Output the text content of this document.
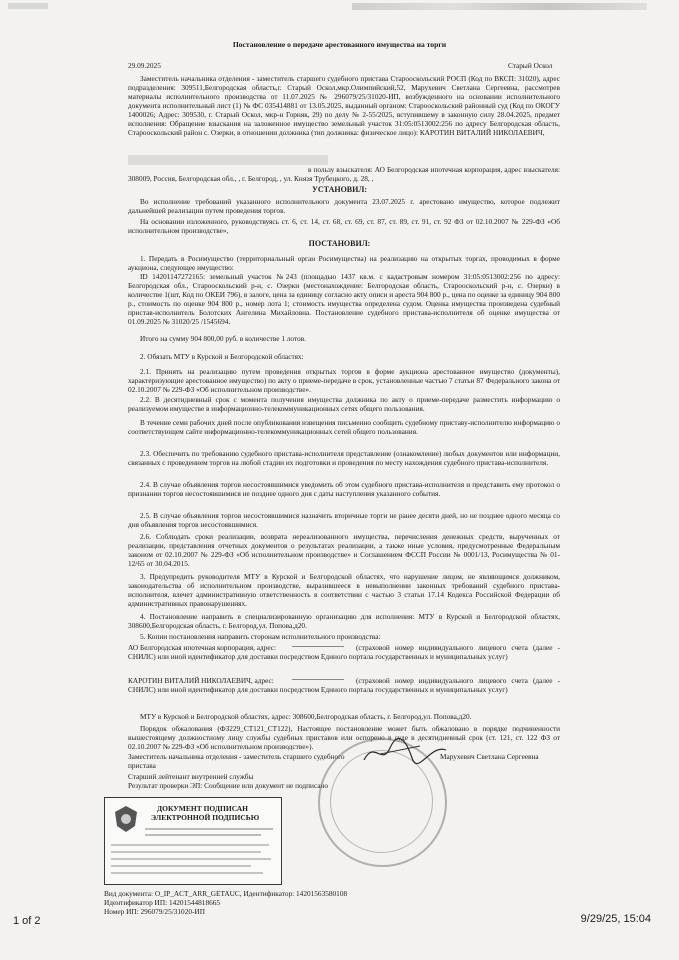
Постановление о передаче арестованного имущества на торги
29.09.2025	Старый Оскол
Заместитель начальника отделения - заместитель старшего судебного пристава Старооскольский РОСП (Код по ВКСП: 31020), адрес подразделения: 309511,Белгородская область,г. Старый Оскол,мкр.Олимпийский,52, Марухевич Светлана Сергеевна, рассмотрев материалы исполнительного производства от 11.07.2025 № 296079/25/31020-ИП, возбужденного на основании исполнительного документа исполнительный лист (1) № ФС 035414881 от 13.05.2025, выданный органом: Старооскольский районный суд (Код по ОКОГУ 1400026; Адрес: 309530, г. Старый Оскол, мкр-н Горняк, 29) по делу № 2-55/2025, вступившему в законную силу 28.04.2025, предмет исполнения: Обращение взыскания на заложенное имущество земельный участок 31:05:0513002:256 по адресу Белгородская область, Старооскольский район с. Озерки, в отношении должника (тип должника: физическое лицо): КАРОТИН ВИТАЛИЙ НИКОЛАЕВИЧ,
в пользу взыскателя: АО Белгородская ипотечная корпорация, адрес взыскателя: 308009, Россия, Белгородская обл., , г. Белгород, , ул. Князя Трубецкого, д. 28, ,
УСТАНОВИЛ:
Во исполнение требований указанного исполнительного документа 23.07.2025 г. арестовано имущество, которое подлежит дальнейшей реализации путем проведения торгов.
На основании изложенного, руководствуясь ст. 6, ст. 14, ст. 68, ст. 69, ст. 87, ст. 89, ст. 91, ст. 92 ФЗ от 02.10.2007 № 229-ФЗ «Об исполнительном производстве»,
ПОСТАНОВИЛ:
1. Передать в Росимущество (территориальный орган Росимущества) на реализацию на открытых торгах, проводимых в форме аукциона, следующее имущество:
ID 14201147272165: земельный участок №243 (площадью 1437 кв.м. с кадастровым номером 31:05:0513002:256 по адресу: Белгородская обл., Старооскольский р-н, с. Озерки (местонахождение: Белгородская область, Старооскольский р-н, с. Озерки) в количестве 1(шт, Код по ОКЕИ 796), в залоге, цена за единицу согласно акту описи и ареста 904 800 р., цена по оценке за единицу 904 800 р., стоимость по оценке 904 800 р., номер лота 1; стоимость имущества определена судом. Оценка имущества произведена судебный пристав-исполнитель Болотских Ангелина Михайловна. Постановление судебного пристава-исполнителя об оценке имущества от 01.09.2025 № 31020/25 /1545694.
Итого на сумму 904 800,00 руб. в количестве 1 лотов.
2. Обязать МТУ в Курской и Белгородской областях:
2.1. Принять на реализацию путем проведения открытых торгов в форме аукциона арестованное имущество (документы), характеризующие арестованное имущество) по акту о приеме-передаче в срок, установленные частью 7 статьи 87 Федерального закона от 02.10.2007 № 229-ФЗ «Об исполнительном производстве».
2.2. В десятидневный срок с момента получения имущества должника по акту о приеме-передаче разместить информацию о реализуемом имуществе в информационно-телекоммуникационных сетях общего пользования.
В течение семи рабочих дней после опубликования извещения письменно сообщить судебному приставу-исполнителю информацию о соответствующем сайте информационно-телекоммуникационных сетей общего пользования.
2.3. Обеспечить по требованию судебного пристава-исполнителя представление (ознакомление) любых документов или информации, связанных с проведением торгов на любой стадии их подготовки и проведения по месту нахождения судебного пристава-исполнителя.
2.4. В случае объявления торгов несостоявшимися уведомить об этом судебного пристава-исполнителя и представить ему протокол о признании торгов несостоявшимися не позднее одного дня с даты наступления указанного события.
2.5. В случае объявления торгов несостоявшимися назначить вторичные торги не ранее десяти дней, но не позднее одного месяца со дня объявления торгов несостоявшимися.
2.6. Соблюдать сроки реализации, возврата нереализованного имущества, перечисления денежных средств, вырученных от реализации, представления отчетных документов о результатах реализации, а также иные условия, предусмотренные Федеральным законом от 02.10.2007 № 229-ФЗ «Об исполнительном производстве» и Соглашением ФССП России № 0001/13, Росимущества № 01-12/65 от 30.04.2015.
3. Предупредить руководителя МТУ в Курской и Белгородской областях, что нарушение лицом, не являющимся должником, законодательства об исполнительном производстве, выразившееся в невыполнении законных требований судебного пристава-исполнителя, влечет административную ответственность в соответствии с частью 3 статьи 17.14 Кодекса Российской Федерации об административных правонарушениях.
4. Постановление направить в специализированную организацию для исполнения: МТУ в Курской и Белгородской областях, 308600,Белгородская область, г. Белгород,ул. Попова,д20.
5. Копии постановления направить сторонам исполнительного производства:
АО Белгородская ипотечная корпорация, адрес:	(страховой номер индивидуального лицевого счета (далее - СНИЛС) или иной идентификатор для доставки посредством Единого портала государственных и муниципальных услуг)
КАРОТИН ВИТАЛИЙ НИКОЛАЕВИЧ, адрес:	(страховой номер индивидуального лицевого счета (далее - СНИЛС) или иной идентификатор для доставки посредством Единого портала государственных и муниципальных услуг)
МТУ в Курской и Белгородской областях, адрес: 308600,Белгородская область, г. Белгород,ул. Попова,д20.
Порядок обжалования (ФЗ229_СТ121_СТ122), Настоящее постановление может быть обжаловано в порядке подчиненности вышестоящему должностному лицу службы судебных приставов или оспорено в суде в десятидневный срок (ст. 121, ст. 122 ФЗ от 02.10.2007 № 229-ФЗ «Об исполнительном производстве»).
Заместитель начальника отделения - заместитель старшего судебного пристава
Марухевич Светлана Сергеевна
Старший лейтенант внутренней службы
Результат проверки ЭП: Сообщение или документ не подписано
ДОКУМЕНТ ПОДПИСАН
ЭЛЕКТРОННОЙ ПОДПИСЬЮ
Вид документа: O_IP_ACT_ARR_GETAUC, Идентификатор: 14201563580108
Идентификатор ИП: 14201544818665
Номер ИП: 296079/25/31020-ИП
1 of 2	9/29/25, 15:04
